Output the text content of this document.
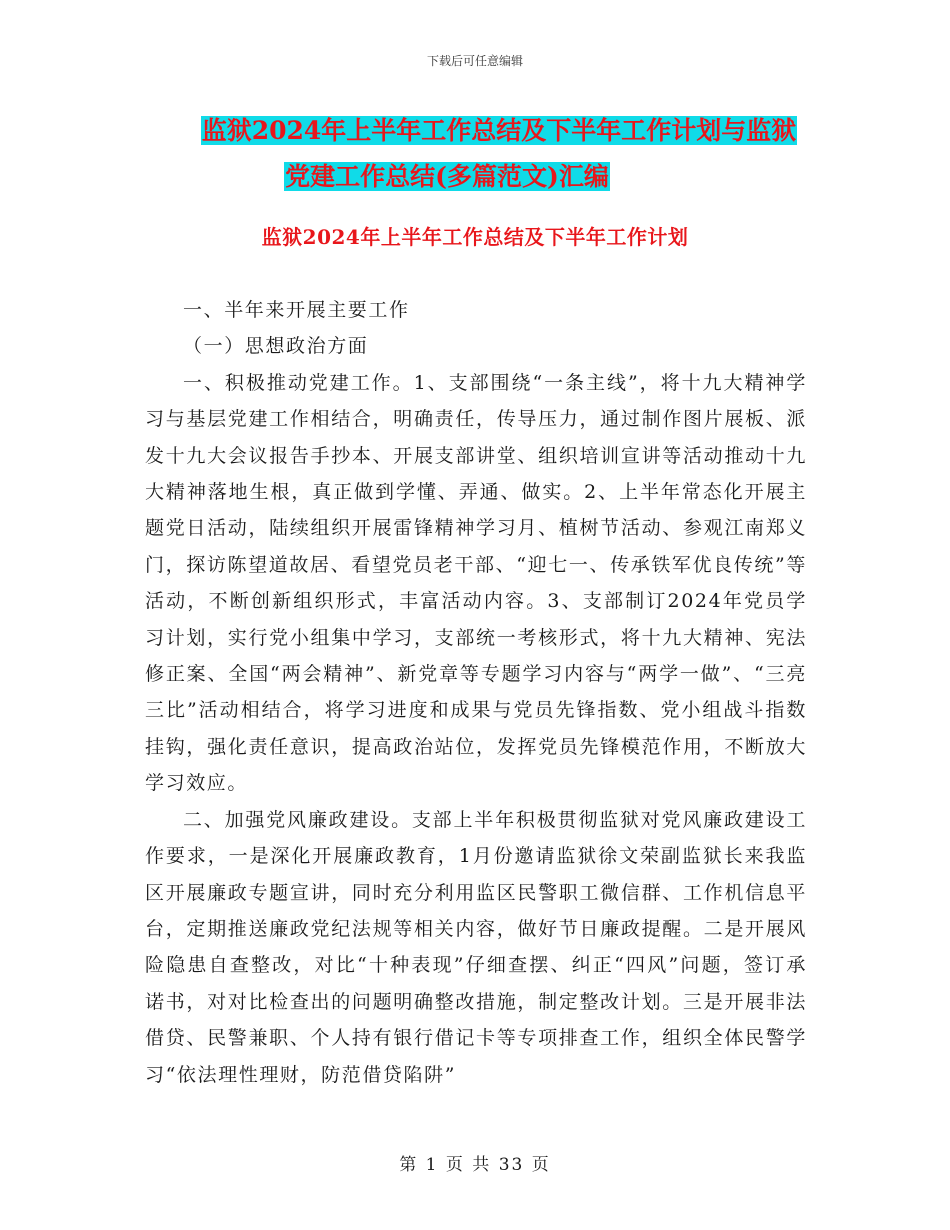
下载后可任意编辑
监狱2024年上半年工作总结及下半年工作计划与监狱
党建工作总结(多篇范文)汇编
监狱2024年上半年工作总结及下半年工作计划

一、半年来开展主要工作

（一）思想政治方面

一、积极推动党建工作。1、支部围绕“一条主线”，将十九大精神学习与基层党建工作相结合，明确责任，传导压力，通过制作图片展板、派发十九大会议报告手抄本、开展支部讲堂、组织培训宣讲等活动推动十九大精神落地生根，真正做到学懂、弄通、做实。2、上半年常态化开展主题党日活动，陆续组织开展雷锋精神学习月、植树节活动、参观江南郑义门，探访陈望道故居、看望党员老干部、“迎七一、传承铁军优良传统”等活动，不断创新组织形式，丰富活动内容。3、支部制订2024年党员学习计划，实行党小组集中学习，支部统一考核形式，将十九大精神、宪法修正案、全国“两会精神”、新党章等专题学习内容与“两学一做”、“三亮三比”活动相结合，将学习进度和成果与党员先锋指数、党小组战斗指数挂钩，强化责任意识，提高政治站位，发挥党员先锋模范作用，不断放大学习效应。

二、加强党风廉政建设。支部上半年积极贯彻监狱对党风廉政建设工作要求，一是深化开展廉政教育，1月份邀请监狱徐文荣副监狱长来我监区开展廉政专题宣讲，同时充分利用监区民警职工微信群、工作机信息平台，定期推送廉政党纪法规等相关内容，做好节日廉政提醒。二是开展风险隐患自查整改，对比“十种表现”仔细查摆、纠正“四风”问题，签订承诺书，对对比检查出的问题明确整改措施，制定整改计划。三是开展非法借贷、民警兼职、个人持有银行借记卡等专项排查工作，组织全体民警学习“依法理性理财，防范借贷陷阱”

第 1 页 共 33 页
